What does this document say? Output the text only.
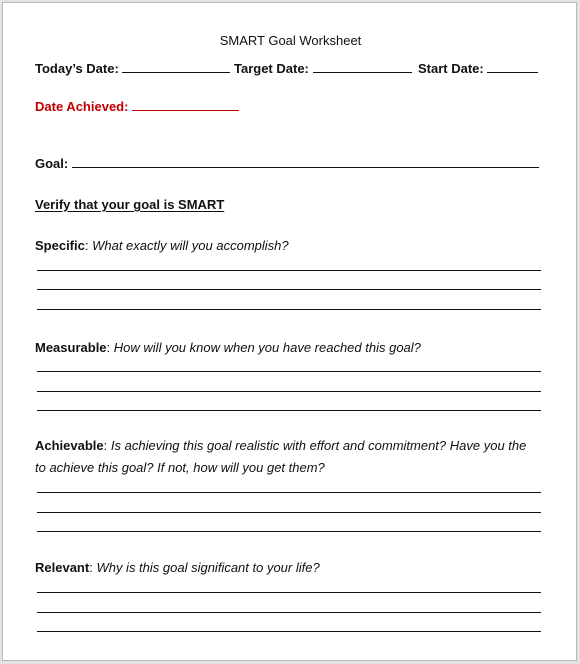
SMART Goal Worksheet
Today’s Date:	Target Date:	Start Date:
Date Achieved:
Goal:
Verify that your goal is SMART
Specific: What exactly will you accomplish?
Measurable: How will you know when you have reached this goal?
Achievable: Is achieving this goal realistic with effort and commitment? Have you the
to achieve this goal? If not, how will you get them?
Relevant: Why is this goal significant to your life?
